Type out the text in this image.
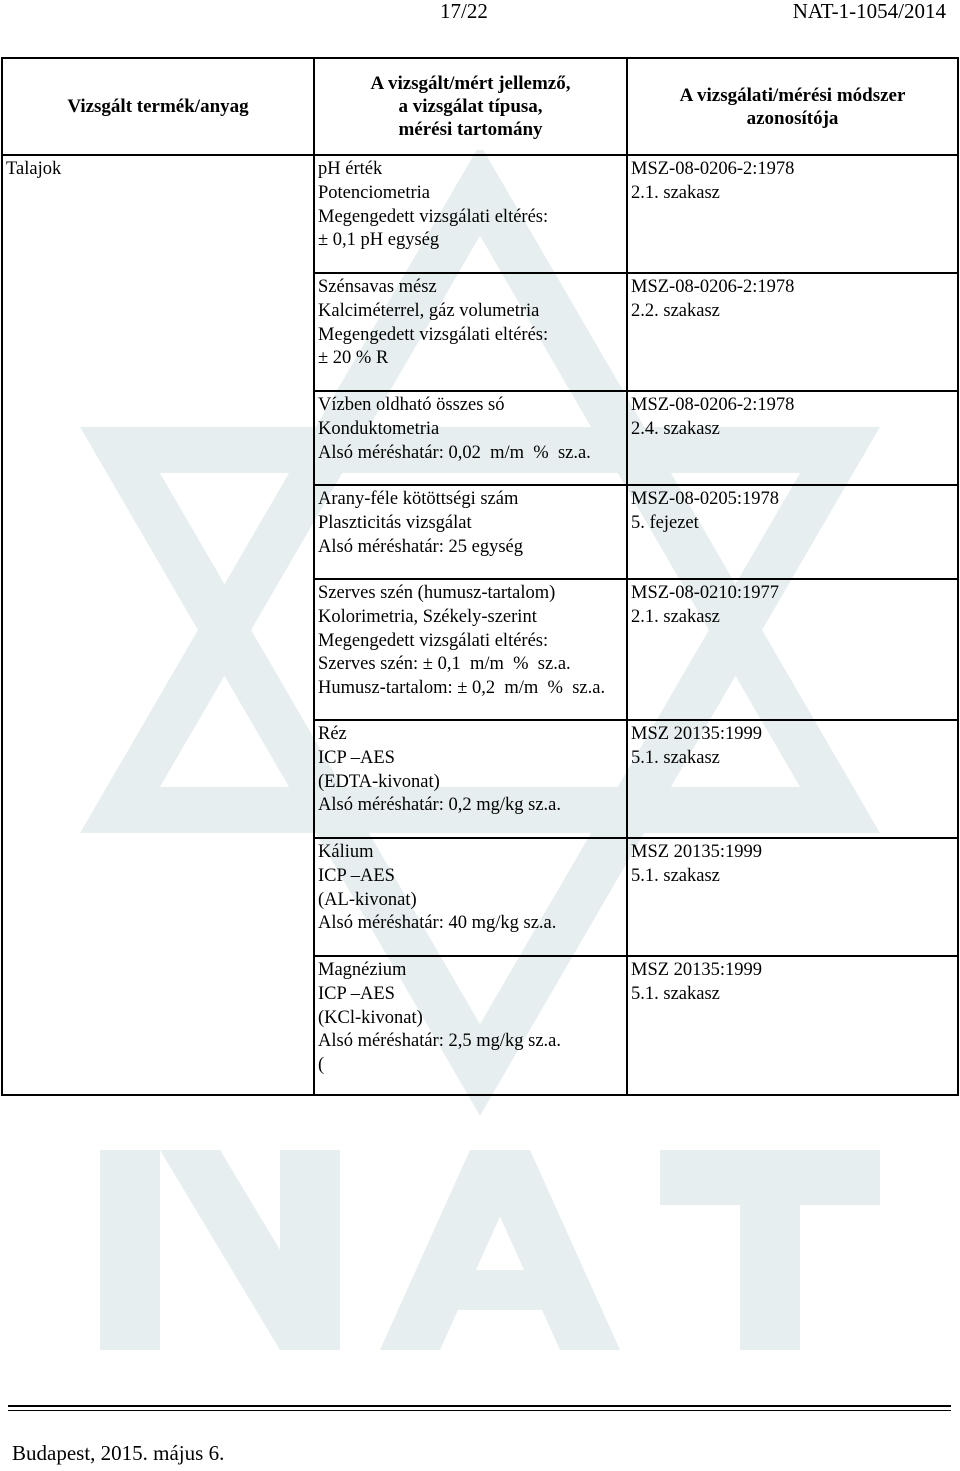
17/22	NAT-1-1054/2014
Vizsgált termék/anyag	A vizsgált/mért jellemző,
a vizsgálat típusa,
mérési tartomány	A vizsgálati/mérési módszer
azonosítója

Talajok	pH érték
Potenciometria
Megengedett vizsgálati eltérés:
± 0,1 pH egység	MSZ-08-0206-2:1978
2.1. szakasz

	Szénsavas mész
Kalciméterrel, gáz volumetria
Megengedett vizsgálati eltérés:
± 20 % R	MSZ-08-0206-2:1978
2.2. szakasz

	Vízben oldható összes só
Konduktometria
Alsó méréshatár: 0,02  m/m  %  sz.a.	MSZ-08-0206-2:1978
2.4. szakasz

	Arany-féle kötöttségi szám
Plaszticitás vizsgálat
Alsó méréshatár: 25 egység	MSZ-08-0205:1978
5. fejezet

	Szerves szén (humusz-tartalom)
Kolorimetria, Székely-szerint
Megengedett vizsgálati eltérés:
Szerves szén: ± 0,1  m/m  %  sz.a.
Humusz-tartalom: ± 0,2  m/m  %  sz.a.	MSZ-08-0210:1977
2.1. szakasz

	Réz
ICP –AES
(EDTA-kivonat)
Alsó méréshatár: 0,2 mg/kg sz.a.	MSZ 20135:1999
5.1. szakasz

	Kálium
ICP –AES
(AL-kivonat)
Alsó méréshatár: 40 mg/kg sz.a.	MSZ 20135:1999
5.1. szakasz

	Magnézium
ICP –AES
(KCl-kivonat)
Alsó méréshatár: 2,5 mg/kg sz.a.
(	MSZ 20135:1999
5.1. szakasz
Budapest, 2015. május 6.
